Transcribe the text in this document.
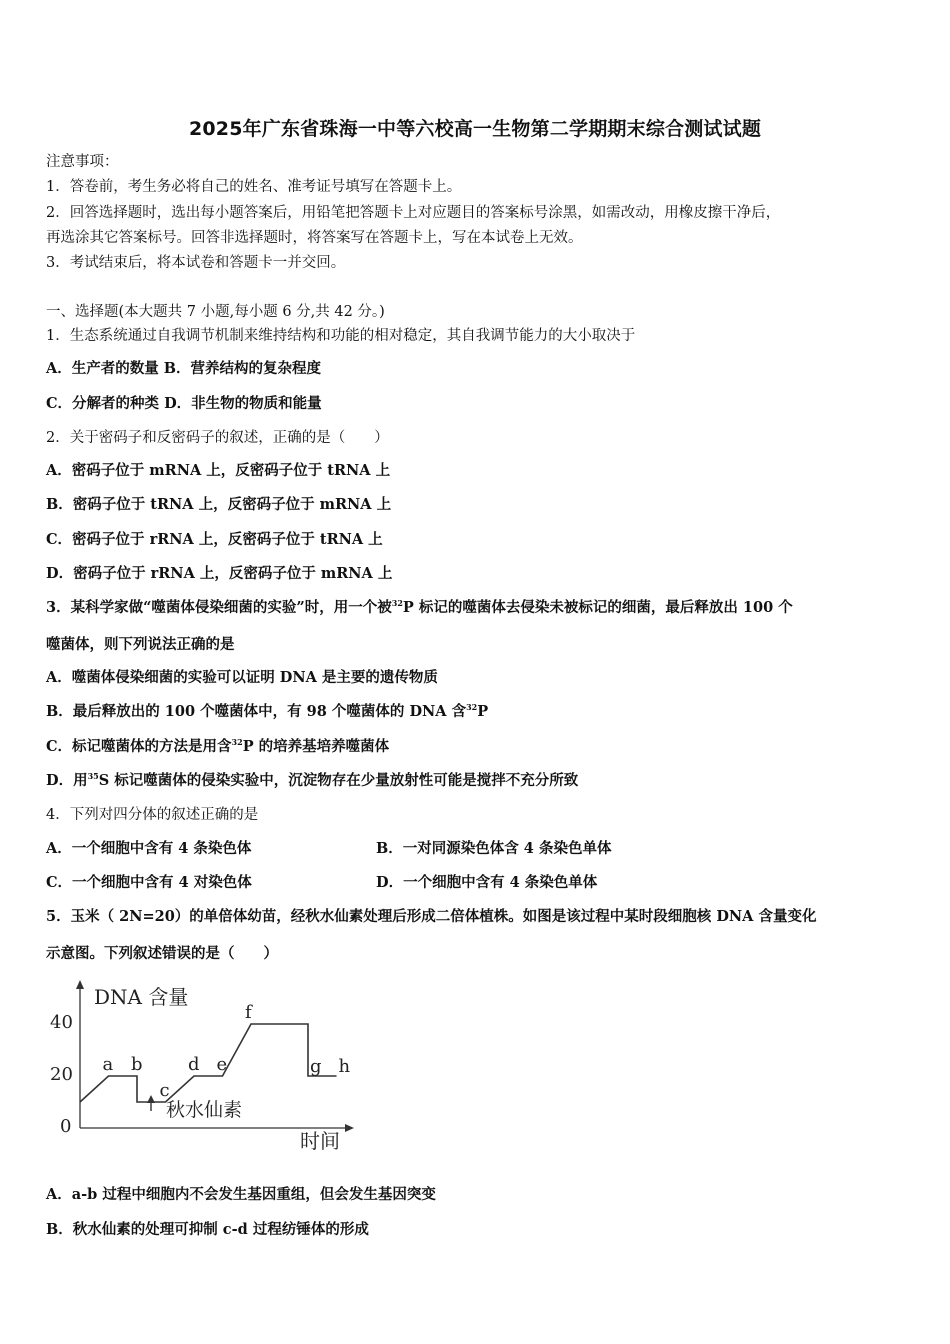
2025年广东省珠海一中等六校高一生物第二学期期末综合测试试题
注意事项：
1．答卷前，考生务必将自己的姓名、准考证号填写在答题卡上。
2．回答选择题时，选出每小题答案后，用铅笔把答题卡上对应题目的答案标号涂黑，如需改动，用橡皮擦干净后，
再选涂其它答案标号。回答非选择题时，将答案写在答题卡上，写在本试卷上无效。
3．考试结束后，将本试卷和答题卡一并交回。
一、选择题(本大题共 7 小题,每小题 6 分,共 42 分。)
1．生态系统通过自我调节机制来维持结构和功能的相对稳定，其自我调节能力的大小取决于
A．生产者的数量 B．营养结构的复杂程度
C．分解者的种类 D．非生物的物质和能量
2．关于密码子和反密码子的叙述，正确的是（　　）
A．密码子位于 mRNA 上，反密码子位于 tRNA 上
B．密码子位于 tRNA 上，反密码子位于 mRNA 上
C．密码子位于 rRNA 上，反密码子位于 tRNA 上
D．密码子位于 rRNA 上，反密码子位于 mRNA 上
3．某科学家做“噬菌体侵染细菌的实验”时，用一个被$^{32}$P 标记的噬菌体去侵染未被标记的细菌，最后释放出 100 个
噬菌体，则下列说法正确的是
A．噬菌体侵染细菌的实验可以证明 DNA 是主要的遗传物质
B．最后释放出的 100 个噬菌体中，有 98 个噬菌体的 DNA 含$^{32}$P
C．标记噬菌体的方法是用含$^{32}$P 的培养基培养噬菌体
D．用$^{35}$S 标记噬菌体的侵染实验中，沉淀物存在少量放射性可能是搅拌不充分所致
4．下列对四分体的叙述正确的是
A．一个细胞中含有 4 条染色体	B．一对同源染色体含 4 条染色单体
C．一个细胞中含有 4 对染色体	D．一个细胞中含有 4 条染色单体
5．玉米（ 2N=20）的单倍体幼苗，经秋水仙素处理后形成二倍体植株。如图是该过程中某时段细胞核 DNA 含量变化
示意图。下列叙述错误的是（　　）
DNA 含量
时间
40
20
0
a b
c
d e
f
g h
秋水仙素
A．a-b 过程中细胞内不会发生基因重组，但会发生基因突变
B．秋水仙素的处理可抑制 c-d 过程纺锤体的形成
